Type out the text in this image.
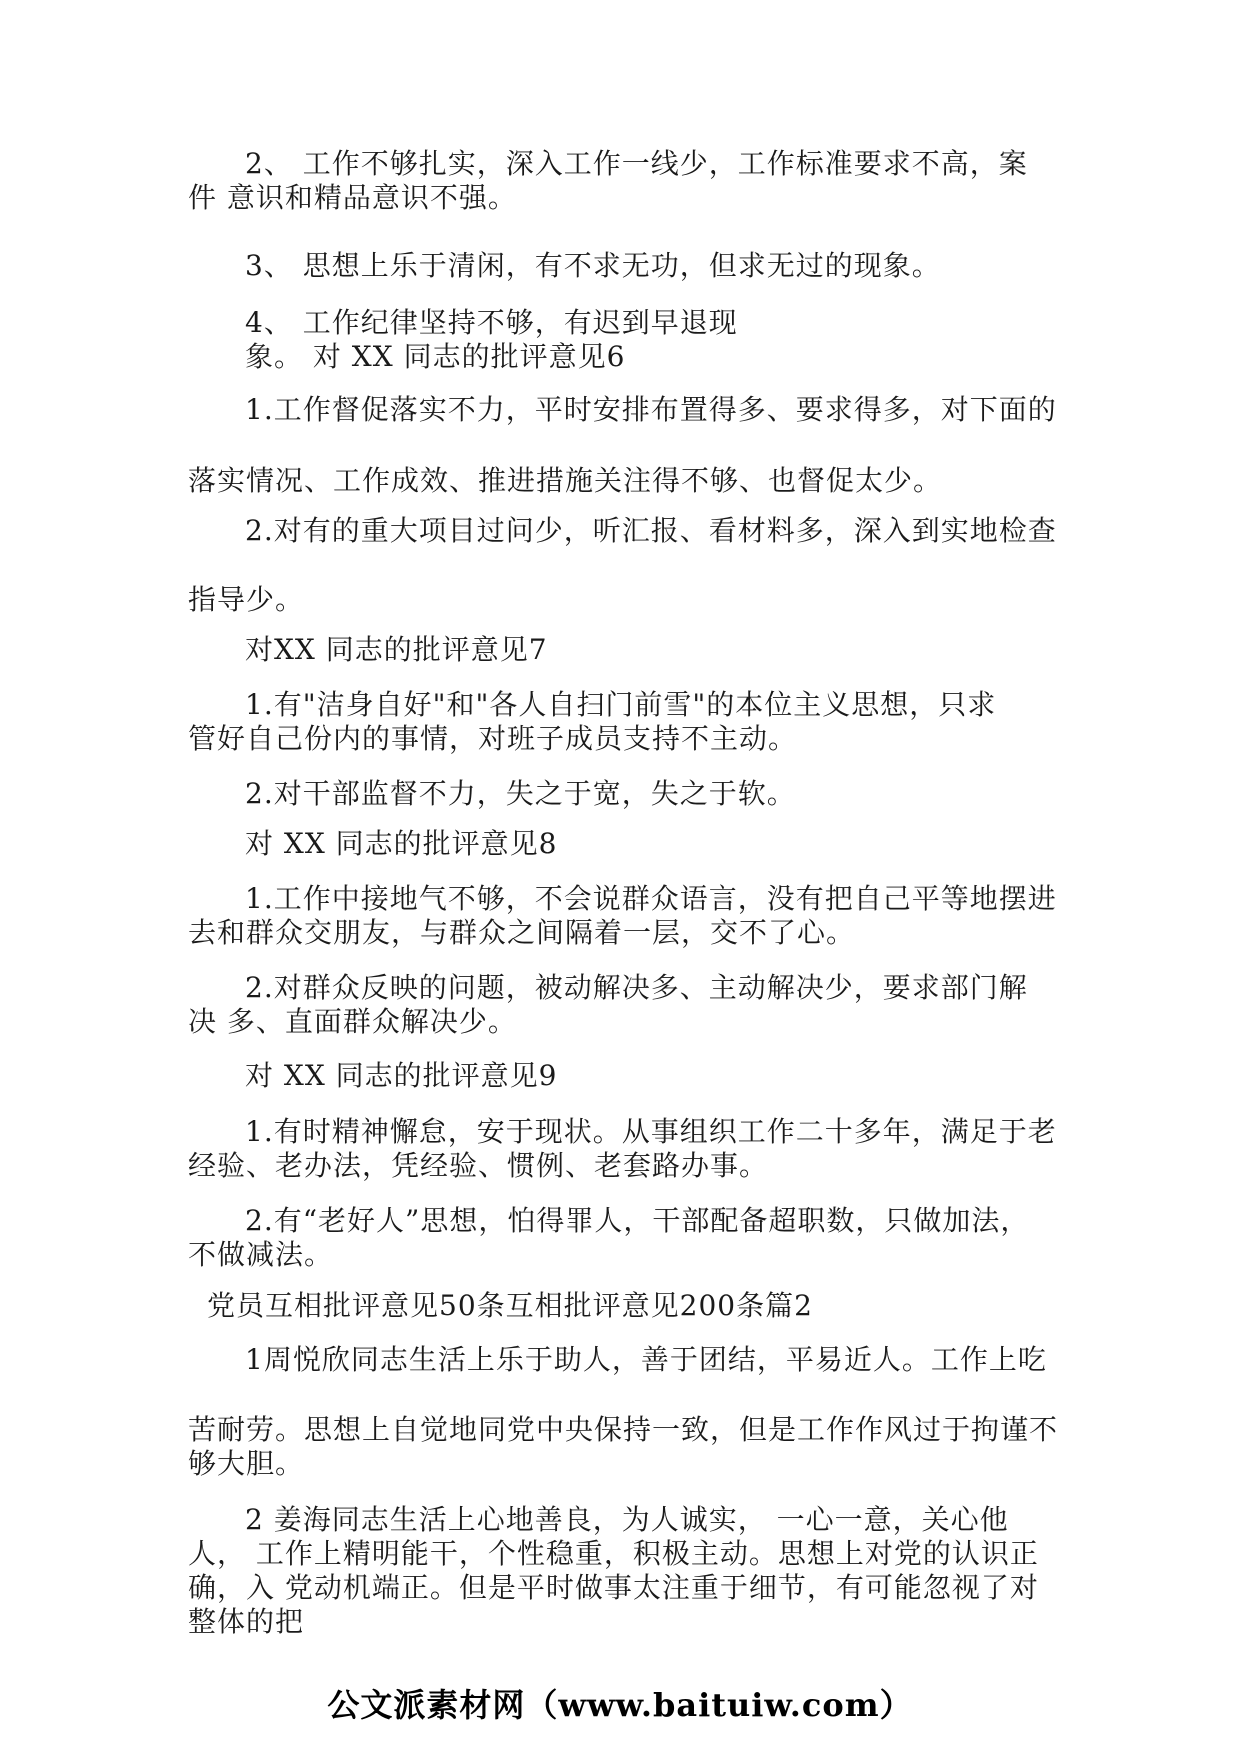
2、 工作不够扎实，深入工作一线少，工作标准要求不高，案
件 意识和精品意识不强。
3、 思想上乐于清闲，有不求无功，但求无过的现象。
4、 工作纪律坚持不够，有迟到早退现
象。 对 XX 同志的批评意见6
1.工作督促落实不力，平时安排布置得多、要求得多，对下面的
落实情况、工作成效、推进措施关注得不够、也督促太少。
2.对有的重大项目过问少，听汇报、看材料多，深入到实地检查
指导少。
对XX 同志的批评意见7
1.有"洁身自好"和"各人自扫门前雪"的本位主义思想，只求
管好自己份内的事情，对班子成员支持不主动。
2.对干部监督不力，失之于宽，失之于软。
对 XX 同志的批评意见8
1.工作中接地气不够，不会说群众语言，没有把自己平等地摆进
去和群众交朋友，与群众之间隔着一层，交不了心。
2.对群众反映的问题，被动解决多、主动解决少，要求部门解
决 多、直面群众解决少。
对 XX 同志的批评意见9
1.有时精神懈怠，安于现状。从事组织工作二十多年，满足于老
经验、老办法，凭经验、惯例、老套路办事。
2.有“老好人”思想，怕得罪人，干部配备超职数，只做加法，
不做减法。
党员互相批评意见50条互相批评意见200条篇2
1周悦欣同志生活上乐于助人，善于团结，平易近人。工作上吃
苦耐劳。思想上自觉地同党中央保持一致，但是工作作风过于拘谨不
够大胆。
2 姜海同志生活上心地善良，为人诚实， 一心一意，关心他
人， 工作上精明能干，个性稳重，积极主动。思想上对党的认识正
确，入 党动机端正。但是平时做事太注重于细节，有可能忽视了对
整体的把
公文派素材网（www.baituiw.com）
